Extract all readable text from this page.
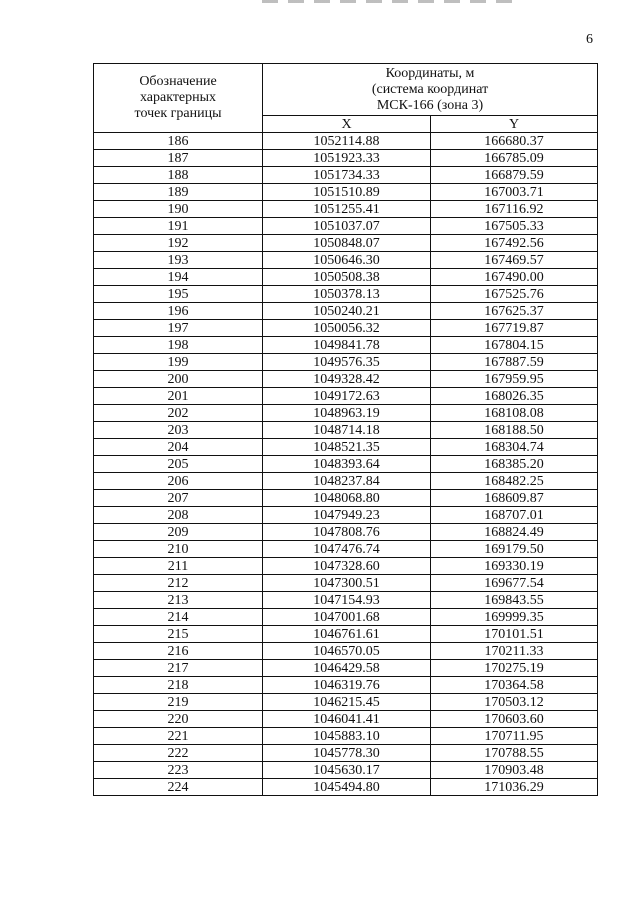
6
Обозначение
характерных
точек границы	Координаты, м
(система координат
МСК-166 (зона 3)	

	X	Y
186	1052114.88	166680.37
187	1051923.33	166785.09
188	1051734.33	166879.59
189	1051510.89	167003.71
190	1051255.41	167116.92
191	1051037.07	167505.33
192	1050848.07	167492.56
193	1050646.30	167469.57
194	1050508.38	167490.00
195	1050378.13	167525.76
196	1050240.21	167625.37
197	1050056.32	167719.87
198	1049841.78	167804.15
199	1049576.35	167887.59
200	1049328.42	167959.95
201	1049172.63	168026.35
202	1048963.19	168108.08
203	1048714.18	168188.50
204	1048521.35	168304.74
205	1048393.64	168385.20
206	1048237.84	168482.25
207	1048068.80	168609.87
208	1047949.23	168707.01
209	1047808.76	168824.49
210	1047476.74	169179.50
211	1047328.60	169330.19
212	1047300.51	169677.54
213	1047154.93	169843.55
214	1047001.68	169999.35
215	1046761.61	170101.51
216	1046570.05	170211.33
217	1046429.58	170275.19
218	1046319.76	170364.58
219	1046215.45	170503.12
220	1046041.41	170603.60
221	1045883.10	170711.95
222	1045778.30	170788.55
223	1045630.17	170903.48
224	1045494.80	171036.29
